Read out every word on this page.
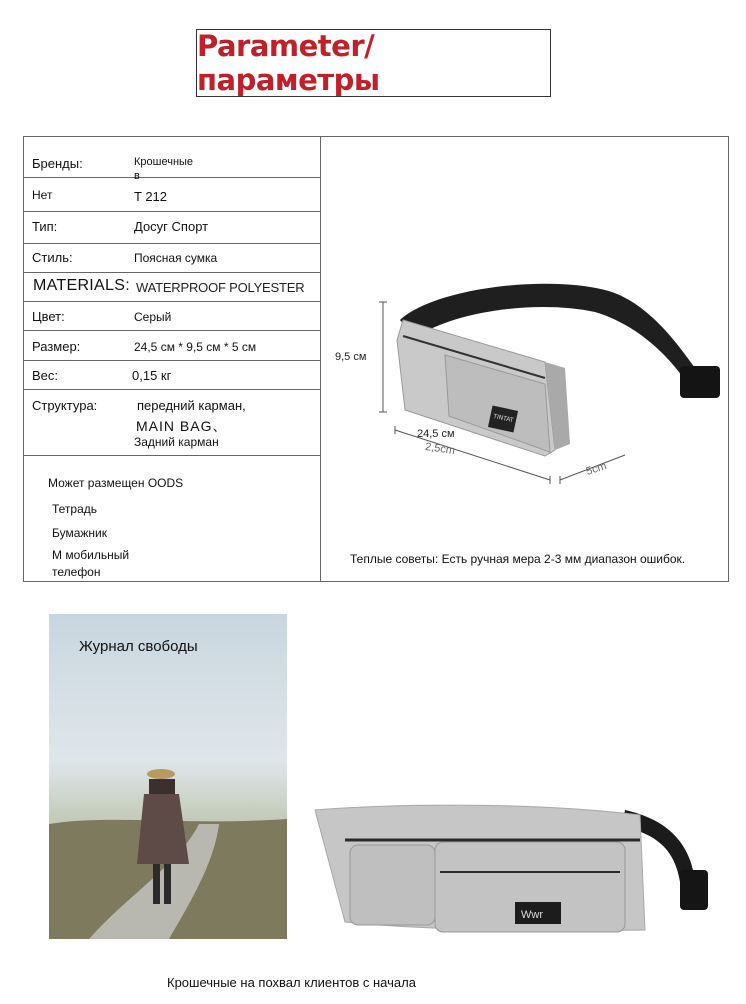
Parameter/параметры
Бренды:	Крошечные
в
Нет	T 212
Тип:	Досуг Спорт
Стиль:	Поясная сумка
MATERIALS: WATERPROOF POLYESTER
Цвет:	Серый
Размер:	24,5 см * 9,5 см * 5 см
Вес:	0,15 кг
Структура:	передний карман,
MAIN BAG、
Задний карман
Может размещен OODS
Тетрадь
Бумажник
M мобильный
телефон
Теплые советы: Есть ручная мера 2-3 мм диапазон ошибок.
TINTAT
9,5 см
24,5 см
2,5cm
5cm
Журнал свободы
Wwr
Крошечные на похвал клиентов с начала
